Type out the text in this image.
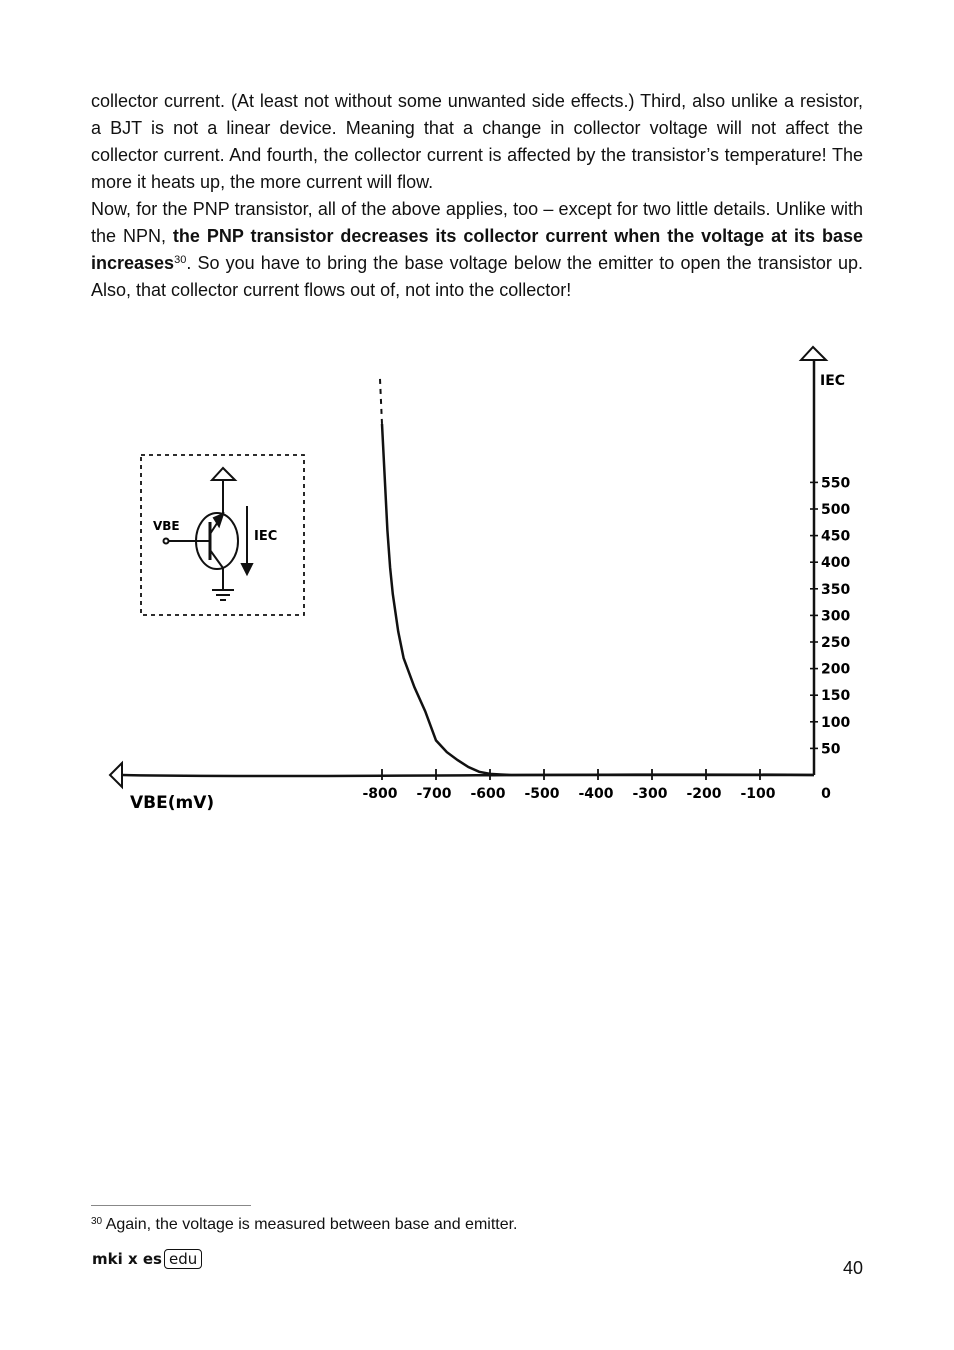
collector current. (At least not without some unwanted side effects.) Third, also unlike a resistor, a BJT is not a linear device. Meaning that a change in collector voltage will not affect the collector current. And fourth, the collector current is affected by the transistor’s temperature! The more it heats up, the more current will flow.

Now, for the PNP transistor, all of the above applies, too – except for two little details. Unlike with the NPN, the PNP transistor decreases its collector current when the voltage at its base increases$^{30}$. So you have to bring the base voltage below the emitter to open the transistor up. Also, that collector current flows out of, not into the collector!

VBE
IEC
-800 -700 -600 -500 -400 -300 -200 -100	0
550
500
450
400
350
300
250
200
150
100
50
VBE(mV)
IEC
$^{30}$ Again, the voltage is measured between base and emitter.
mki x es edu	40
